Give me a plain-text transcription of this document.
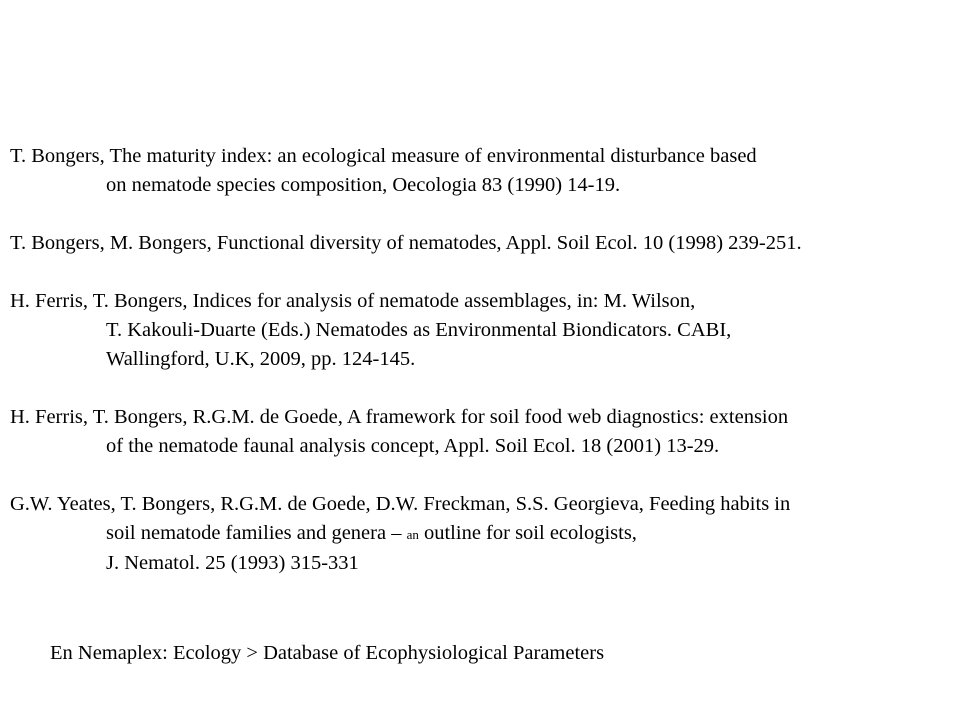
T. Bongers, The maturity index: an ecological measure of environmental disturbance based
on nematode species composition, Oecologia 83 (1990) 14-19.
T. Bongers, M. Bongers, Functional diversity of nematodes, Appl. Soil Ecol. 10 (1998) 239-251.
H. Ferris, T. Bongers, Indices for analysis of nematode assemblages, in: M. Wilson,
T. Kakouli-Duarte (Eds.) Nematodes as Environmental Biondicators. CABI,
Wallingford, U.K, 2009, pp. 124-145.
H. Ferris, T. Bongers, R.G.M. de Goede, A framework for soil food web diagnostics: extension
of the nematode faunal analysis concept, Appl. Soil Ecol. 18 (2001) 13-29.
G.W. Yeates, T. Bongers, R.G.M. de Goede, D.W. Freckman, S.S. Georgieva, Feeding habits in
soil nematode families and genera – an outline for soil ecologists,
J. Nematol. 25 (1993) 315-331
En Nemaplex: Ecology > Database of Ecophysiological Parameters
